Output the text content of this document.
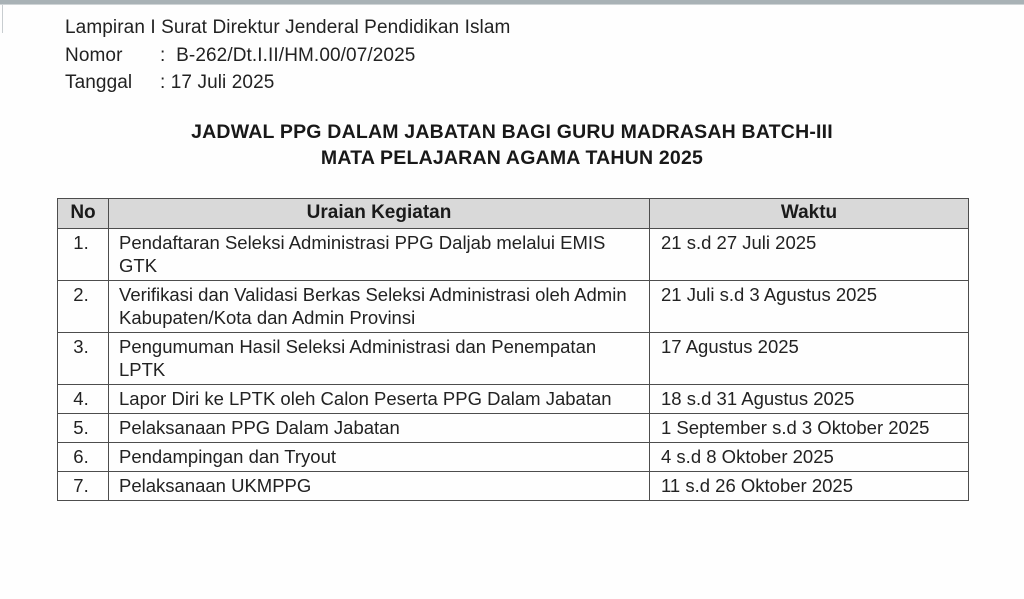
Lampiran I Surat Direktur Jenderal Pendidikan Islam
Nomor	:  B-262/Dt.I.II/HM.00/07/2025
Tanggal	: 17 Juli 2025
JADWAL PPG DALAM JABATAN BAGI GURU MADRASAH BATCH-III
MATA PELAJARAN AGAMA TAHUN 2025
No	Uraian Kegiatan	Waktu
1.	Pendaftaran Seleksi Administrasi PPG Daljab melalui EMIS GTK	21 s.d 27 Juli 2025
2.	Verifikasi dan Validasi Berkas Seleksi Administrasi oleh Admin Kabupaten/Kota dan Admin Provinsi	21 Juli s.d 3 Agustus 2025
3.	Pengumuman Hasil Seleksi Administrasi dan Penempatan LPTK	17 Agustus 2025
4.	Lapor Diri ke LPTK oleh Calon Peserta PPG Dalam Jabatan	18 s.d 31 Agustus 2025
5.	Pelaksanaan PPG Dalam Jabatan	1 September s.d 3 Oktober 2025
6.	Pendampingan dan Tryout	4 s.d 8 Oktober 2025
7.	Pelaksanaan UKMPPG	11 s.d 26 Oktober 2025
